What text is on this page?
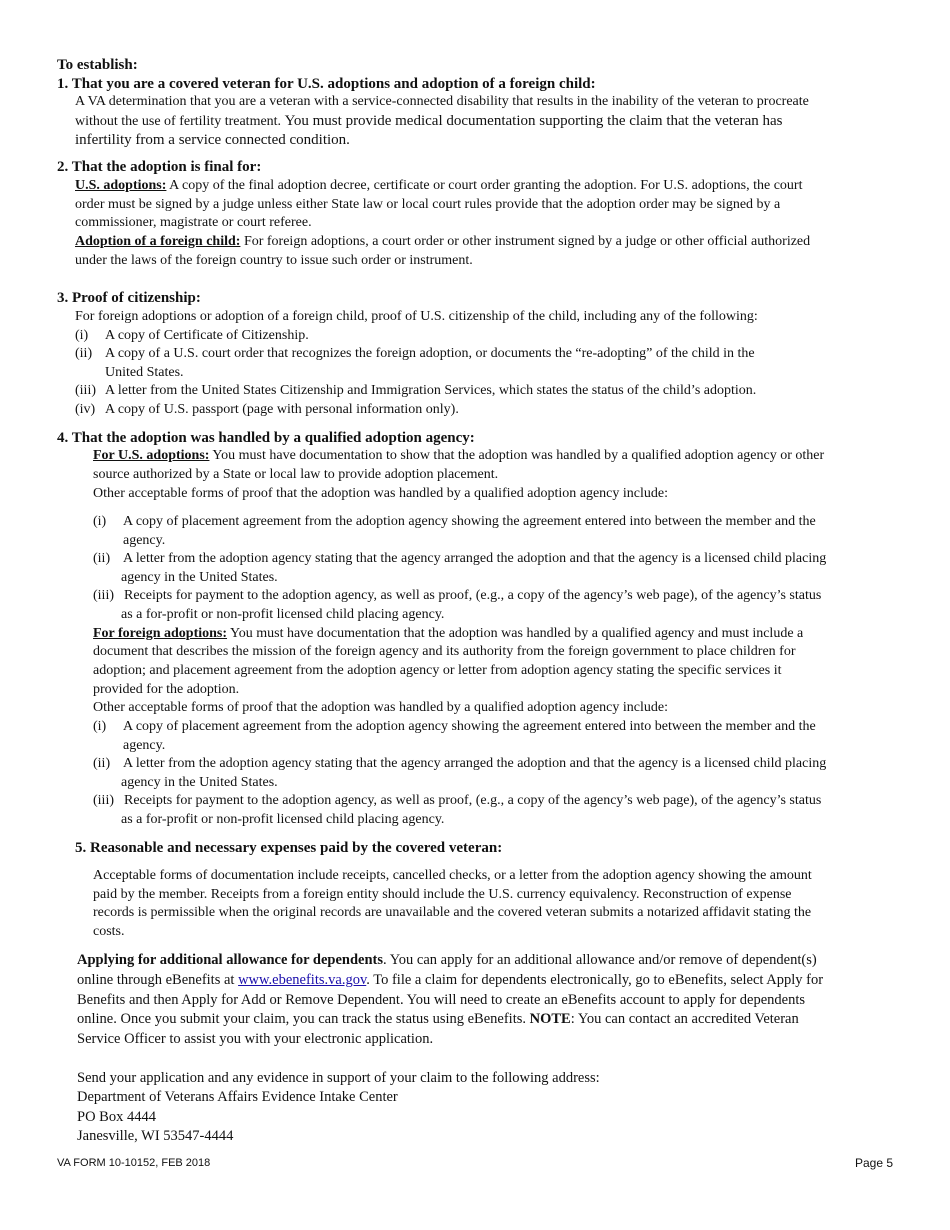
To establish:

1. That you are a covered veteran for U.S. adoptions and adoption of a foreign child:

A VA determination that you are a veteran with a service-connected disability that results in the inability of the veteran to procreate

without the use of fertility treatment. You must provide medical documentation supporting the claim that the veteran has

infertility from a service connected condition.

2. That the adoption is final for:

U.S. adoptions: A copy of the final adoption decree, certificate or court order granting the adoption. For U.S. adoptions, the court

order must be signed by a judge unless either State law or local court rules provide that the adoption order may be signed by a

commissioner, magistrate or court referee.

Adoption of a foreign child: For foreign adoptions, a court order or other instrument signed by a judge or other official authorized

under the laws of the foreign country to issue such order or instrument.

3. Proof of citizenship:

For foreign adoptions or adoption of a foreign child, proof of U.S. citizenship of the child, including any of the following:

(i) A copy of Certificate of Citizenship.
(ii) A copy of a U.S. court order that recognizes the foreign adoption, or documents the “re-adopting” of the child in the
United States.
(iii) A letter from the United States Citizenship and Immigration Services, which states the status of the child’s adoption.
(iv) A copy of U.S. passport (page with personal information only).

4. That the adoption was handled by a qualified adoption agency:

For U.S. adoptions: You must have documentation to show that the adoption was handled by a qualified adoption agency or other

source authorized by a State or local law to provide adoption placement.

Other acceptable forms of proof that the adoption was handled by a qualified adoption agency include:

(i) A copy of placement agreement from the adoption agency showing the agreement entered into between the member and the
agency.
(ii) A letter from the adoption agency stating that the agency arranged the adoption and that the agency is a licensed child placing
agency in the United States.
(iii) Receipts for payment to the adoption agency, as well as proof, (e.g., a copy of the agency’s web page), of the agency’s status
as a for-profit or non-profit licensed child placing agency.

For foreign adoptions: You must have documentation that the adoption was handled by a qualified agency and must include a

document that describes the mission of the foreign agency and its authority from the foreign government to place children for

adoption; and placement agreement from the adoption agency or letter from adoption agency stating the specific services it

provided for the adoption.

Other acceptable forms of proof that the adoption was handled by a qualified adoption agency include:

(i) A copy of placement agreement from the adoption agency showing the agreement entered into between the member and the
agency.
(ii) A letter from the adoption agency stating that the agency arranged the adoption and that the agency is a licensed child placing
agency in the United States.
(iii) Receipts for payment to the adoption agency, as well as proof, (e.g., a copy of the agency’s web page), of the agency’s status
as a for-profit or non-profit licensed child placing agency.

5. Reasonable and necessary expenses paid by the covered veteran:

Acceptable forms of documentation include receipts, cancelled checks, or a letter from the adoption agency showing the amount

paid by the member. Receipts from a foreign entity should include the U.S. currency equivalency. Reconstruction of expense

records is permissible when the original records are unavailable and the covered veteran submits a notarized affidavit stating the

costs.

Applying for additional allowance for dependents. You can apply for an additional allowance and/or remove of dependent(s)

online through eBenefits at www.ebenefits.va.gov. To file a claim for dependents electronically, go to eBenefits, select Apply for

Benefits and then Apply for Add or Remove Dependent. You will need to create an eBenefits account to apply for dependents

online. Once you submit your claim, you can track the status using eBenefits. NOTE: You can contact an accredited Veteran

Service Officer to assist you with your electronic application.

Send your application and any evidence in support of your claim to the following address:

Department of Veterans Affairs Evidence Intake Center

PO Box 4444

Janesville, WI 53547-4444

VA FORM 10-10152, FEB 2018	Page 5
